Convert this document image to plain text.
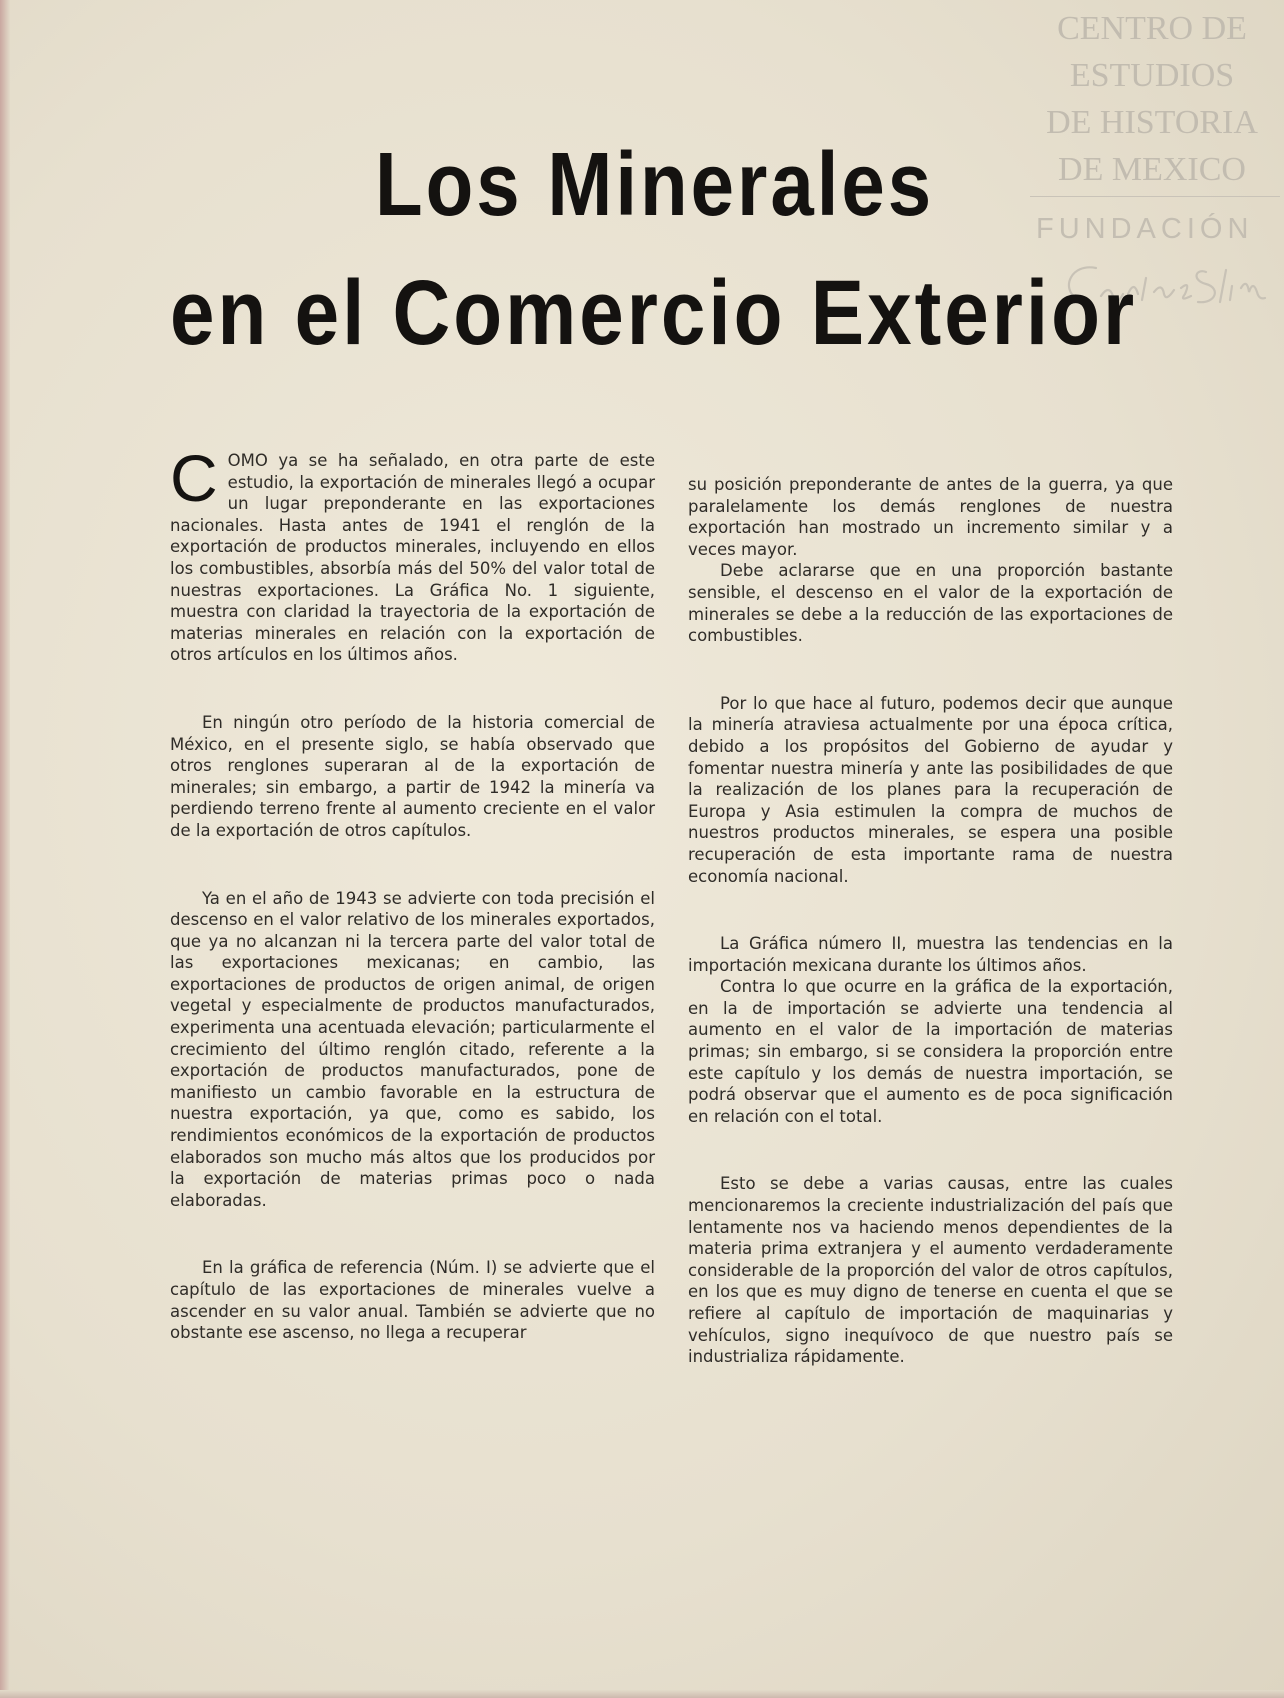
CENTRO DE
ESTUDIOS
DE HISTORIA
DE MEXICO
FUNDACIÓN
Carlos Slim
Los Minerales
en el Comercio Exterior

COMO ya se ha señalado, en otra parte de este estudio, la exportación de minerales llegó a ocupar un lugar preponderante en las exportaciones nacionales. Hasta antes de 1941 el renglón de la exportación de productos minerales, incluyendo en ellos los combustibles, absorbía más del 50% del valor total de nuestras exportaciones. La Gráfica No. 1 siguiente, muestra con claridad la trayectoria de la exportación de materias minerales en relación con la exportación de otros artículos en los últimos años.

En ningún otro período de la historia comercial de México, en el presente siglo, se había observado que otros renglones superaran al de la exportación de minerales; sin embargo, a partir de 1942 la minería va perdiendo terreno frente al aumento creciente en el valor de la exportación de otros capítulos.

Ya en el año de 1943 se advierte con toda precisión el descenso en el valor relativo de los minerales exportados, que ya no alcanzan ni la tercera parte del valor total de las exportaciones mexicanas; en cambio, las exportaciones de productos de origen animal, de origen vegetal y especialmente de productos manufacturados, experimenta una acentuada elevación; particularmente el crecimiento del último renglón citado, referente a la exportación de productos manufacturados, pone de manifiesto un cambio favorable en la estructura de nuestra exportación, ya que, como es sabido, los rendimientos económicos de la exportación de productos elaborados son mucho más altos que los producidos por la exportación de materias primas poco o nada elaboradas.

En la gráfica de referencia (Núm. I) se advierte que el capítulo de las exportaciones de minerales vuelve a ascender en su valor anual. También se advierte que no obstante ese ascenso, no llega a recuperar

su posición preponderante de antes de la guerra, ya que paralelamente los demás renglones de nuestra exportación han mostrado un incremento similar y a veces mayor.

Debe aclararse que en una proporción bastante sensible, el descenso en el valor de la exportación de minerales se debe a la reducción de las exportaciones de combustibles.

Por lo que hace al futuro, podemos decir que aunque la minería atraviesa actualmente por una época crítica, debido a los propósitos del Gobierno de ayudar y fomentar nuestra minería y ante las posibilidades de que la realización de los planes para la recuperación de Europa y Asia estimulen la compra de muchos de nuestros productos minerales, se espera una posible recuperación de esta importante rama de nuestra economía nacional.

La Gráfica número II, muestra las tendencias en la importación mexicana durante los últimos años.

Contra lo que ocurre en la gráfica de la exportación, en la de importación se advierte una tendencia al aumento en el valor de la importación de materias primas; sin embargo, si se considera la proporción entre este capítulo y los demás de nuestra importación, se podrá observar que el aumento es de poca significación en relación con el total.

Esto se debe a varias causas, entre las cuales mencionaremos la creciente industrialización del país que lentamente nos va haciendo menos dependientes de la materia prima extranjera y el aumento verdaderamente considerable de la proporción del valor de otros capítulos, en los que es muy digno de tenerse en cuenta el que se refiere al capítulo de importación de maquinarias y vehículos, signo inequívoco de que nuestro país se industrializa rápidamente.
